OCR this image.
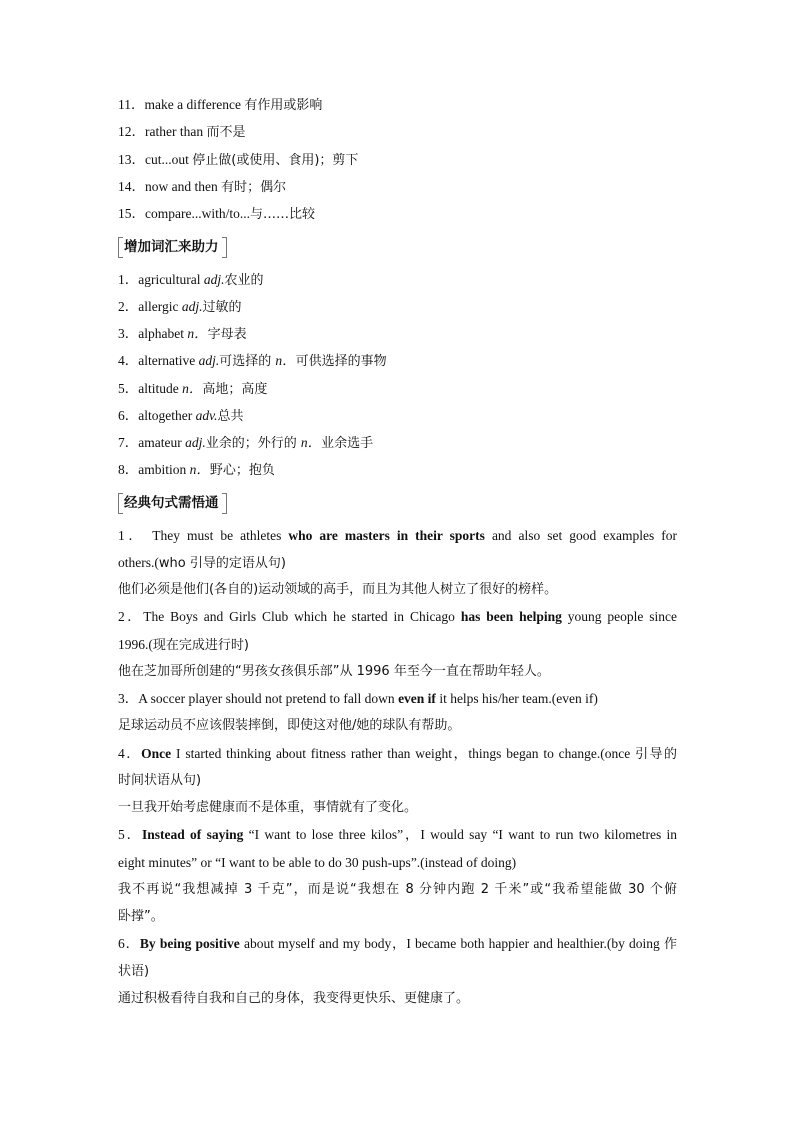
11．make a difference 有作用或影响
12．rather than 而不是
13．cut...out 停止做(或使用、食用)；剪下
14．now and then 有时；偶尔
15．compare...with/to...与……比较
增加词汇来助力
1．agricultural adj.农业的
2．allergic adj.过敏的
3．alphabet n．字母表
4．alternative adj.可选择的 n．可供选择的事物
5．altitude n．高地；高度
6．altogether adv.总共
7．amateur adj.业余的；外行的 n．业余选手
8．ambition n．野心；抱负
经典句式需悟通
1． They must be athletes who are masters in their sports and also set good examples for
others.(who 引导的定语从句)
他们必须是他们(各自的)运动领域的高手，而且为其他人树立了很好的榜样。
2．The Boys and Girls Club which he started in Chicago has been helping young people since
1996.(现在完成进行时)
他在芝加哥所创建的“男孩女孩俱乐部”从 1996 年至今一直在帮助年轻人。
3．A soccer player should not pretend to fall down even if it helps his/her team.(even if)
足球运动员不应该假装摔倒，即使这对他/她的球队有帮助。
4．Once I started thinking about fitness rather than weight，things began to change.(once 引导的
时间状语从句)
一旦我开始考虑健康而不是体重，事情就有了变化。
5．Instead of saying “I want to lose three kilos”，I would say “I want to run two kilometres in
eight minutes” or “I want to be able to do 30 push-ups”.(instead of doing)
我不再说“我想减掉 3 千克”，而是说“我想在 8 分钟内跑 2 千米”或“我希望能做 30 个俯
卧撑”。
6．By being positive about myself and my body，I became both happier and healthier.(by doing 作
状语)
通过积极看待自我和自己的身体，我变得更快乐、更健康了。
